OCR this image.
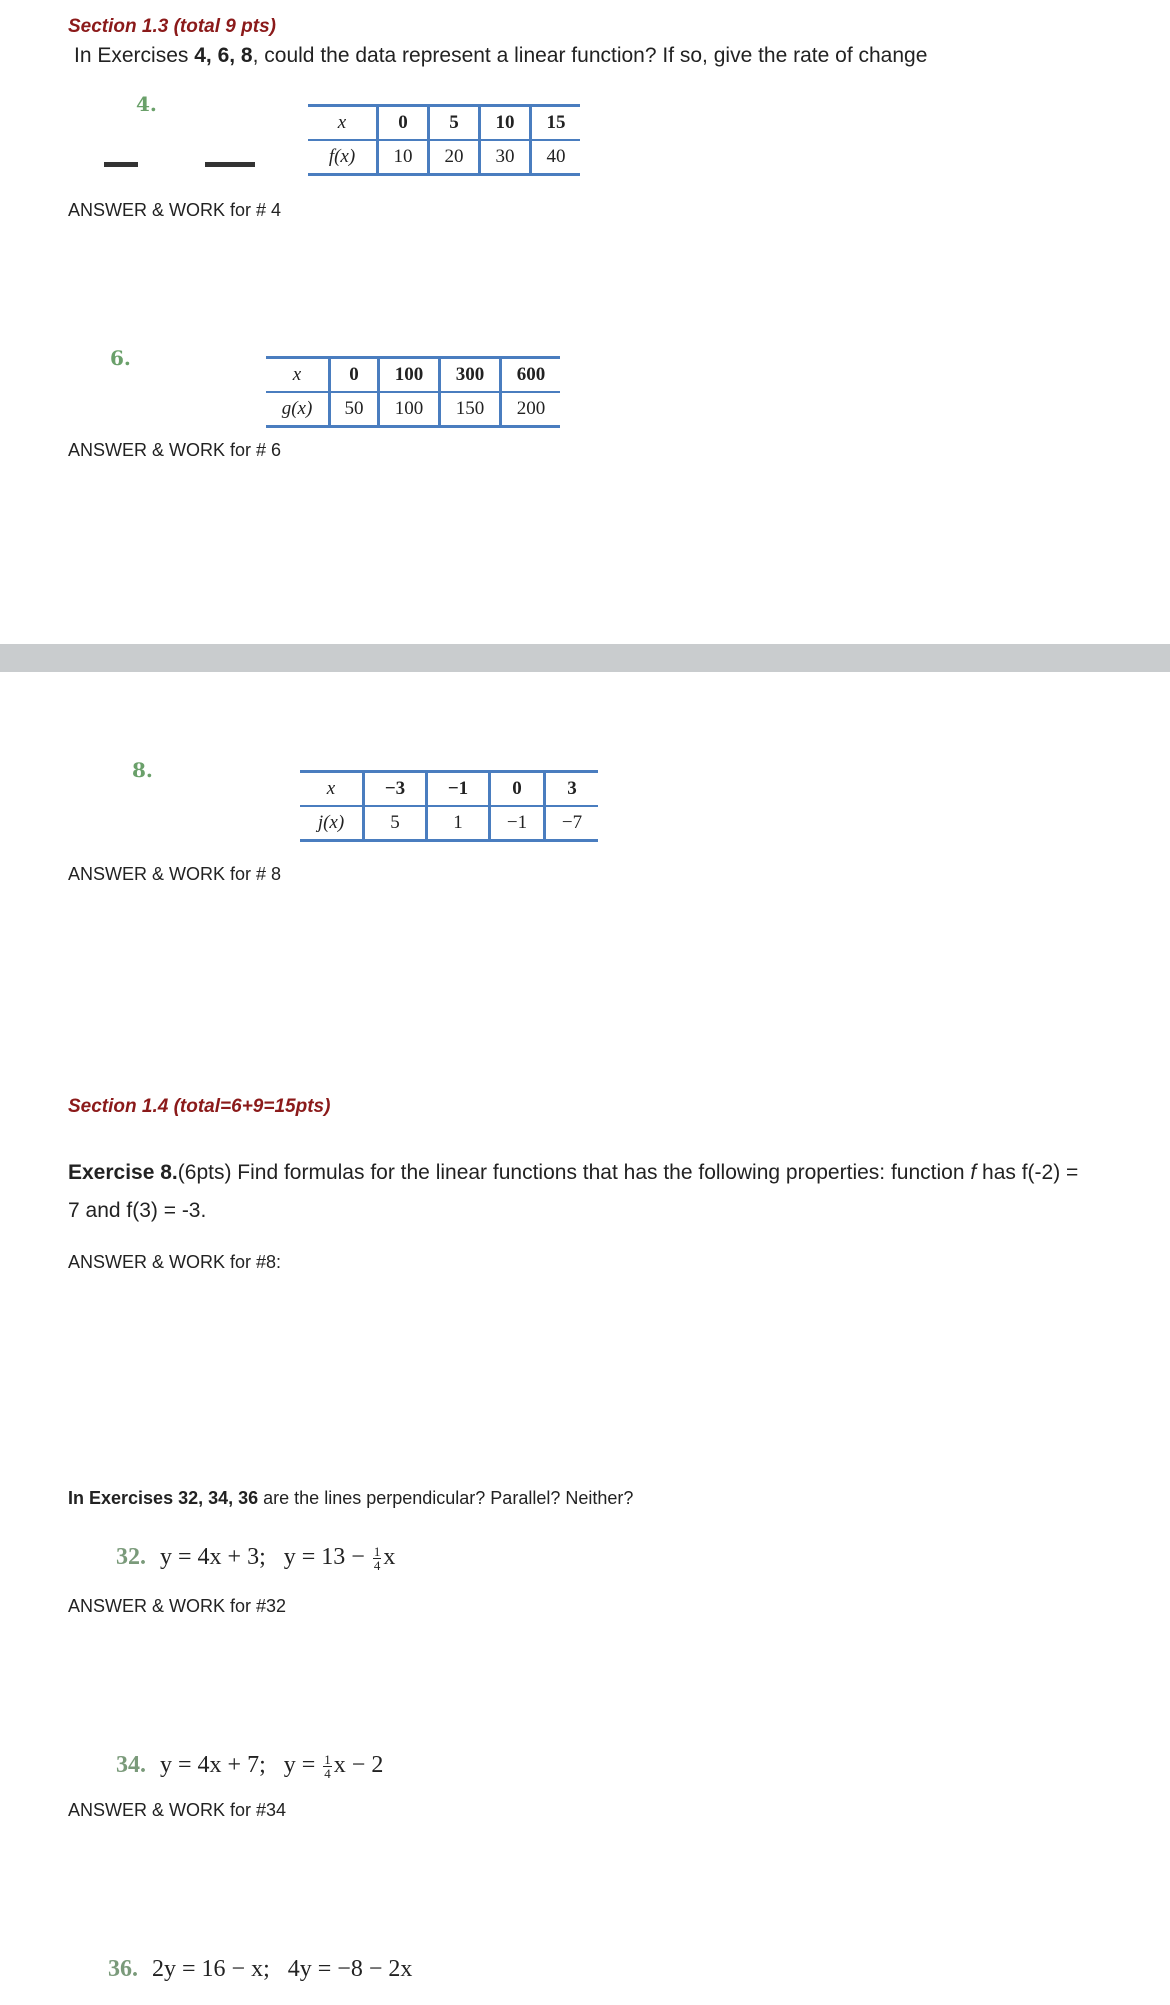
Section 1.3 (total 9 pts)
In Exercises 4, 6, 8, could the data represent a linear function? If so, give the rate of change
4.
x	0	5	10	15
f(x)	10	20	30	40
ANSWER & WORK for # 4
6.
x	0	100	300	600
g(x)	50	100	150	200
ANSWER & WORK for # 6
8.
x	−3	−1	0	3
j(x)	5	1	−1	−7
ANSWER & WORK for # 8
Section 1.4 (total=6+9=15pts)
Exercise 8.(6pts) Find formulas for the linear functions that has the following properties: function f has f(-2) =
7 and f(3) = -3.
ANSWER & WORK for #8:
In Exercises 32, 34, 36 are the lines perpendicular? Parallel? Neither?
32. y = 4x + 3; $y = 13 - \frac{1}{4}$ x
ANSWER & WORK for #32
34. y = 4x + 7; $y = \frac{1}{4}$ x − 2
ANSWER & WORK for #34
36. 2y = 16 − x; 4y = −8 − 2x
